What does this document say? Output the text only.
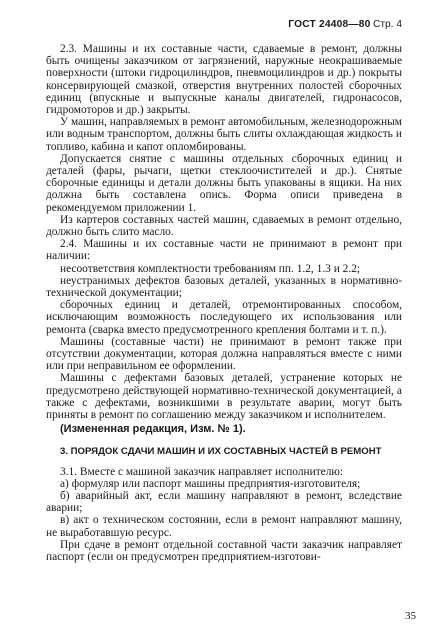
ГОСТ 24408—80 Стр. 4

2.3. Машины и их составные части, сдаваемые в ремонт, должны быть очищены заказчиком от загрязнений, наружные неокрашиваемые поверхности (штоки гидроцилиндров, пневмоцилиндров и др.) покрыты консервирующей смазкой, отверстия внутренних полостей сборочных единиц (впускные и выпускные каналы двигателей, гидронасосов, гидромоторов и др.) закрыты.

У машин, направляемых в ремонт автомобильным, железнодорожным или водным транспортом, должны быть слиты охлаждающая жидкость и топливо, кабина и капот опломбированы.

Допускается снятие с машины отдельных сборочных единиц и деталей (фары, рычаги, щетки стеклоочистителей и др.). Снятые сборочные единицы и детали должны быть упакованы в ящики. На них должна быть составлена опись. Форма описи приведена в рекомендуемом приложении 1.

Из картеров составных частей машин, сдаваемых в ремонт отдельно, должно быть слито масло.

2.4. Машины и их составные части не принимают в ремонт при наличии:

несоответствия комплектности требованиям пп. 1.2, 1.3 и 2.2;

неустранимых дефектов базовых деталей, указанных в нормативно-технической документации;

сборочных единиц и деталей, отремонтированных способом, исключающим возможность последующего их использования или ремонта (сварка вместо предусмотренного крепления болтами и т. п.).

Машины (составные части) не принимают в ремонт также при отсутствии документации, которая должна направляться вместе с ними или при неправильном ее оформлении.

Машины с дефектами базовых деталей, устранение которых не предусмотрено действующей нормативно-технической документацией, а также с дефектами, возникшими в результате аварии, могут быть приняты в ремонт по соглашению между заказчиком и исполнителем.

(Измененная редакция, Изм. № 1).

3. ПОРЯДОК СДАЧИ МАШИН И ИХ СОСТАВНЫХ ЧАСТЕЙ В РЕМОНТ

3.1. Вместе с машиной заказчик направляет исполнителю:

а) формуляр или паспорт машины предприятия-изготовителя;

б) аварийный акт, если машину направляют в ремонт, вследствие аварии;

в) акт о техническом состоянии, если в ремонт направляют машину, не выработавшую ресурс.

При сдаче в ремонт отдельной составной части заказчик направляет паспорт (если он предусмотрен предприятием-изготови-

35
